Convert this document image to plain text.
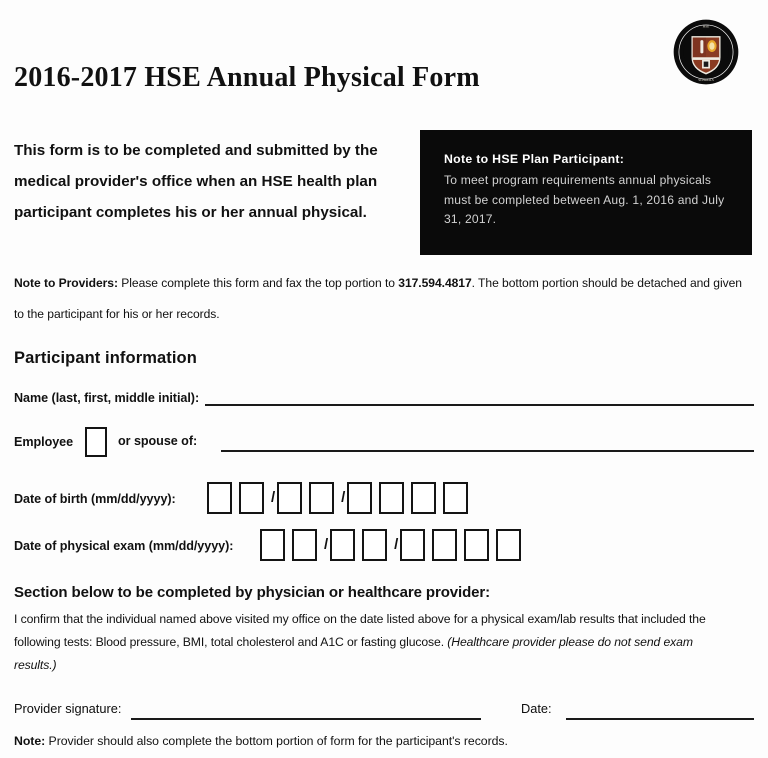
HSE
SCHOOLS
2016-2017 HSE Annual Physical Form
This form is to be completed and submitted by the medical provider's office when an HSE health plan participant completes his or her annual physical.
Note to HSE Plan Participant:
To meet program requirements annual physicals must be completed between Aug. 1, 2016 and July 31, 2017.
Note to Providers: Please complete this form and fax the top portion to 317.594.4817. The bottom portion should be detached and given to the participant for his or her records.
Participant information
Name (last, first, middle initial):
Employee	or spouse of:
Date of birth (mm/dd/yyyy):	/	/
Date of physical exam (mm/dd/yyyy):	/	/
Section below to be completed by physician or healthcare provider:
I confirm that the individual named above visited my office on the date listed above for a physical exam/lab results that included the following tests: Blood pressure, BMI, total cholesterol and A1C or fasting glucose. (Healthcare provider please do not send exam results.)
Provider signature:	Date:
Note: Provider should also complete the bottom portion of form for the participant's records.
